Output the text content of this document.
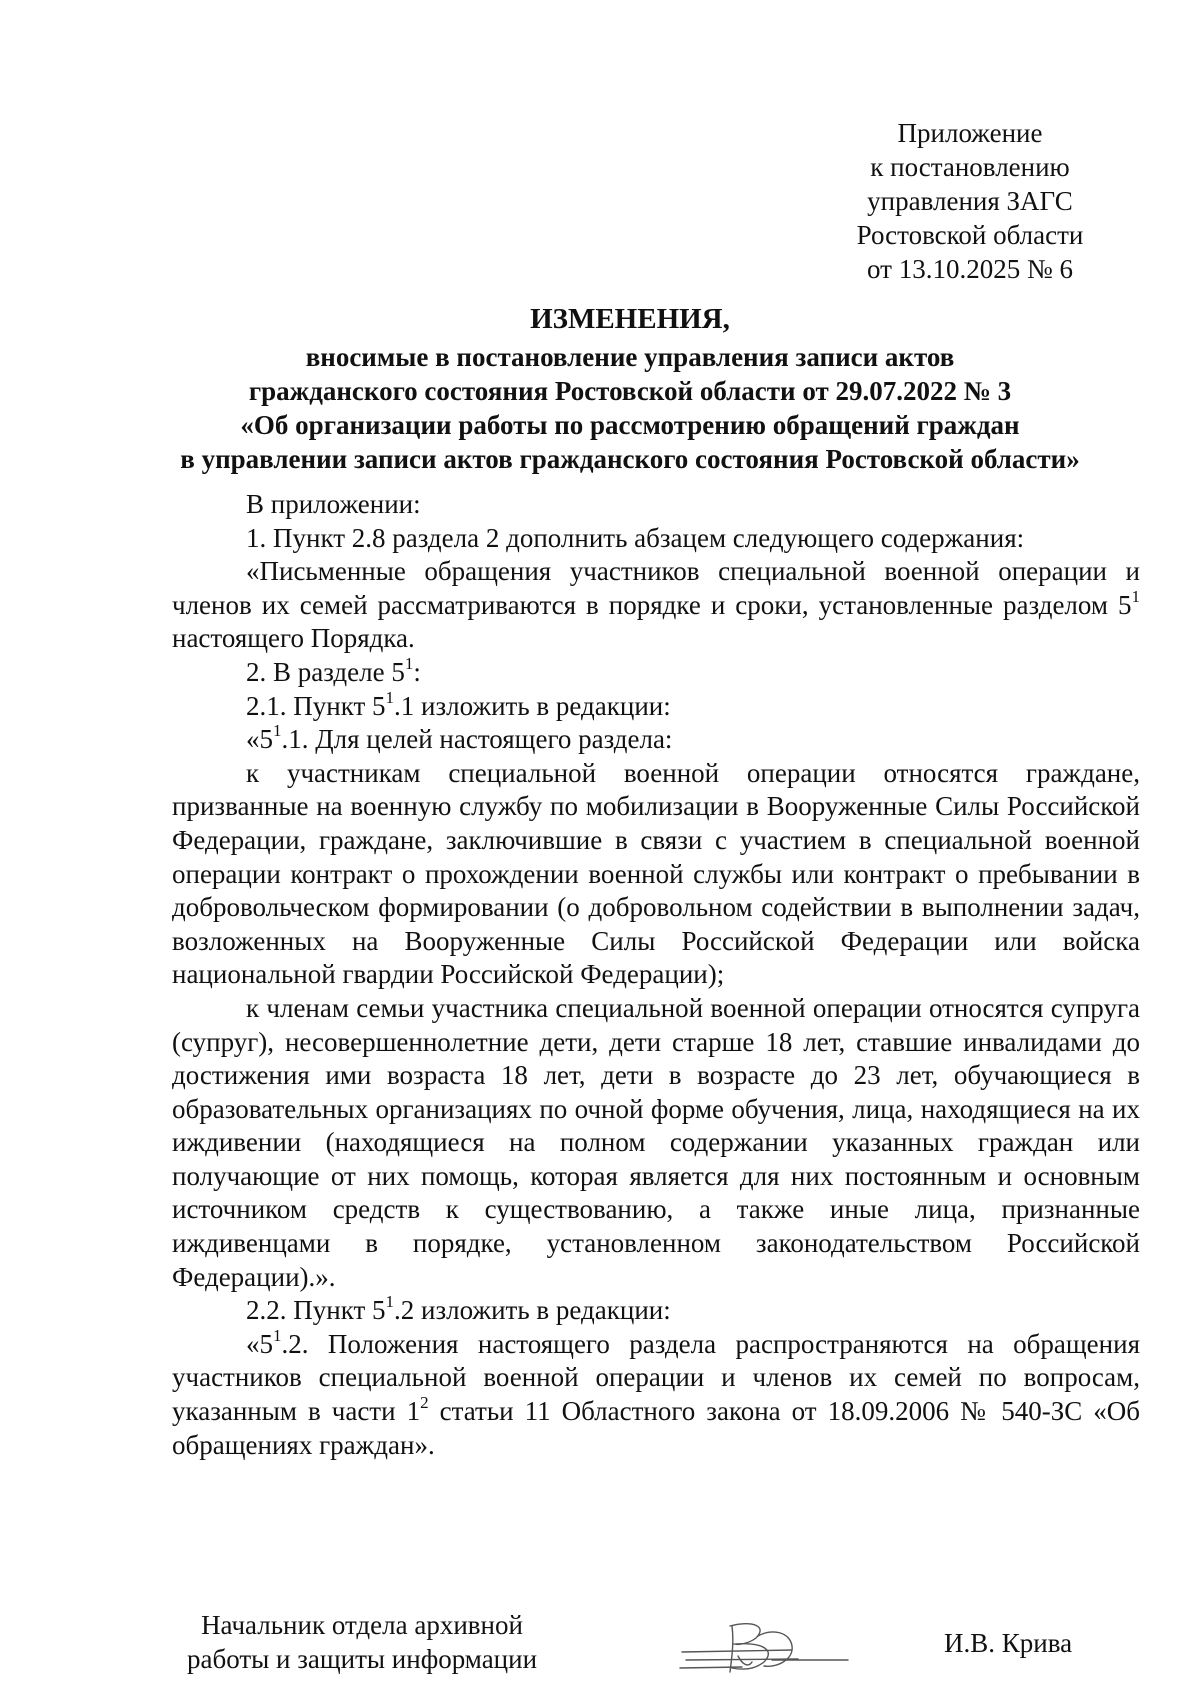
Приложение
к постановлению
управления ЗАГС
Ростовской области
от 13.10.2025 № 6
ИЗМЕНЕНИЯ,
вносимые в постановление управления записи актов
гражданского состояния Ростовской области от 29.07.2022 № 3
«Об организации работы по рассмотрению обращений граждан
в управлении записи актов гражданского состояния Ростовской области»

В приложении:

1. Пункт 2.8 раздела 2 дополнить абзацем следующего содержания:

«Письменные обращения участников специальной военной операции и членов их семей рассматриваются в порядке и сроки, установленные разделом $5^1$ настоящего Порядка.

2. В разделе $5^1$:

2.1. Пункт $5^1.1$ изложить в редакции:

«$5^1.1$. Для целей настоящего раздела:

к участникам специальной военной операции относятся граждане, призванные на военную службу по мобилизации в Вооруженные Силы Российской Федерации, граждане, заключившие в связи с участием в специальной военной операции контракт о прохождении военной службы или контракт о пребывании в добровольческом формировании (о добровольном содействии в выполнении задач, возложенных на Вооруженные Силы Российской Федерации или войска национальной гвардии Российской Федерации);

к членам семьи участника специальной военной операции относятся супруга (супруг), несовершеннолетние дети, дети старше 18 лет, ставшие инвалидами до достижения ими возраста 18 лет, дети в возрасте до 23 лет, обучающиеся в образовательных организациях по очной форме обучения, лица, находящиеся на их иждивении (находящиеся на полном содержании указанных граждан или получающие от них помощь, которая является для них постоянным и основным источником средств к существованию, а также иные лица, признанные иждивенцами в порядке, установленном законодательством Российской Федерации).».

2.2. Пункт $5^1.2$ изложить в редакции:

«$5^1.2$. Положения настоящего раздела распространяются на обращения участников специальной военной операции и членов их семей по вопросам, указанным в части $1^2$ статьи 11 Областного закона от 18.09.2006 № 540-ЗС «Об обращениях граждан».

Начальник отдела архивной
работы и защиты информации
И.В. Крива
